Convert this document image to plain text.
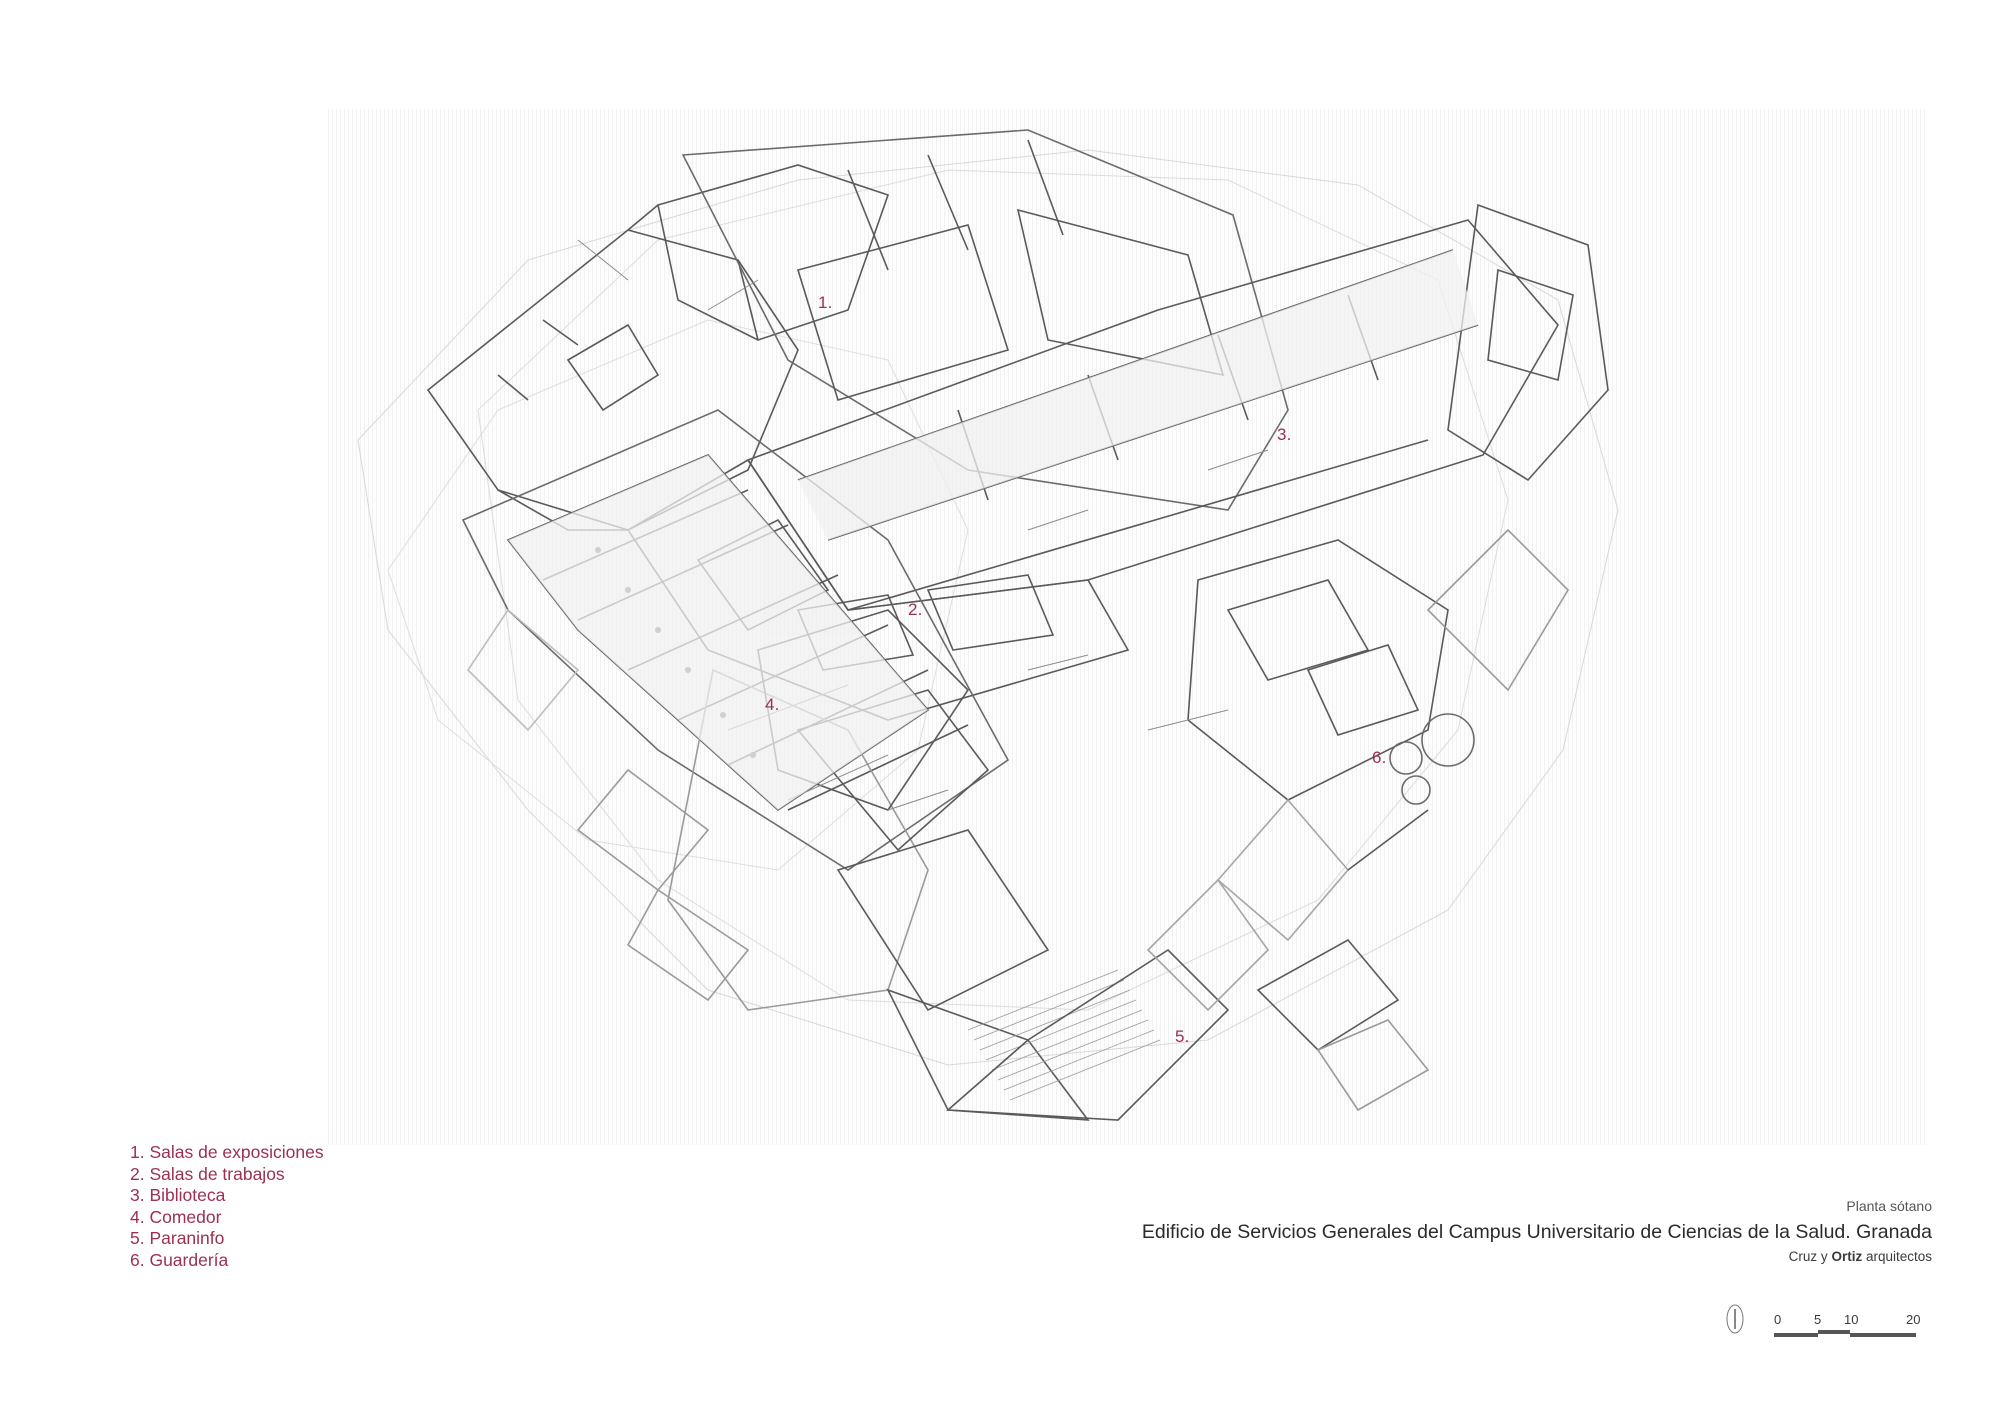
1.
2.
3.
4.
5.
6.
1. Salas de exposiciones
2. Salas de trabajos
3. Biblioteca
4. Comedor
5. Paraninfo
6. Guardería
Planta sótano
Edificio de Servicios Generales del Campus Universitario de Ciencias de la Salud. Granada
Cruz y Ortiz arquitectos
0	5 10	20
